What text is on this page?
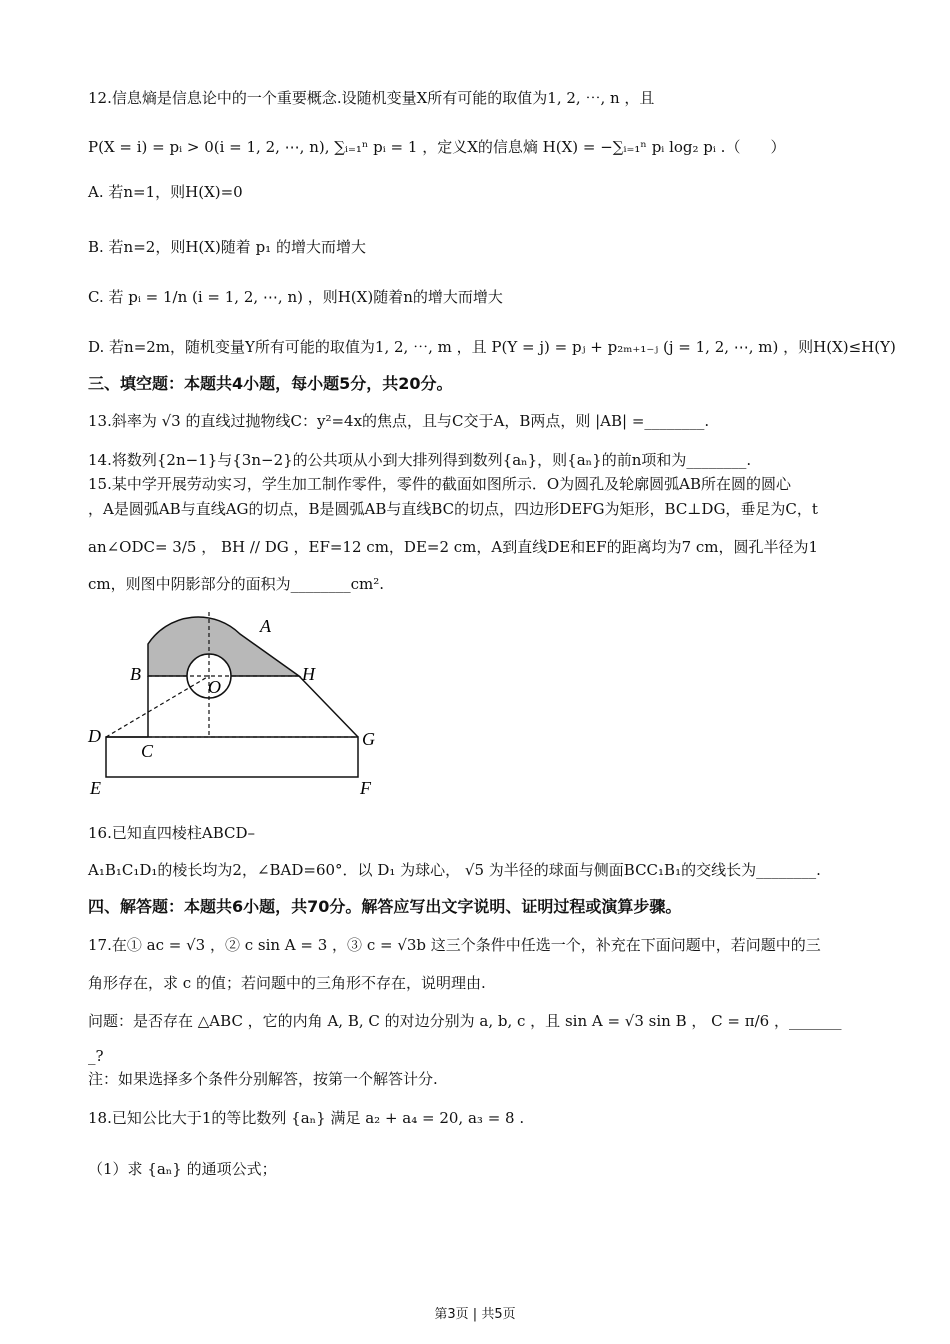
12.信息熵是信息论中的一个重要概念.设随机变量X所有可能的取值为1, 2, ⋯, n ，且
P(X = i) = pᵢ > 0(i = 1, 2, ⋯, n), ∑ᵢ₌₁ⁿ pᵢ = 1 ，定义X的信息熵 H(X) = −∑ᵢ₌₁ⁿ pᵢ log₂ pᵢ .（　　）
A. 若n=1，则H(X)=0
B. 若n=2，则H(X)随着 p₁ 的增大而增大
C. 若 pᵢ = 1/n (i = 1, 2, ⋯, n) ，则H(X)随着n的增大而增大
D. 若n=2m，随机变量Y所有可能的取值为1, 2, ⋯, m ，且 P(Y = j) = pⱼ + p₂ₘ₊₁₋ⱼ (j = 1, 2, ⋯, m) ，则H(X)≤H(Y)
三、填空题：本题共4小题，每小题5分，共20分。
13.斜率为 √3 的直线过抛物线C：y²=4x的焦点，且与C交于A，B两点，则 |AB| =________.
14.将数列{2n−1}与{3n−2}的公共项从小到大排列得到数列{aₙ}，则{aₙ}的前n项和为________.
15.某中学开展劳动实习，学生加工制作零件，零件的截面如图所示．O为圆孔及轮廓圆弧AB所在圆的圆心
，A是圆弧AB与直线AG的切点，B是圆弧AB与直线BC的切点，四边形DEFG为矩形，BC⊥DG，垂足为C，t
an∠ODC= 3/5 ， BH // DG ，EF=12 cm，DE=2 cm，A到直线DE和EF的距离均为7 cm，圆孔半径为1
cm，则图中阴影部分的面积为________cm².
A
B	H
O
D
C
G
E	F
16.已知直四棱柱ABCD–
A₁B₁C₁D₁的棱长均为2，∠BAD=60°．以 D₁ 为球心， √5 为半径的球面与侧面BCC₁B₁的交线长为________.
四、解答题：本题共6小题，共70分。解答应写出文字说明、证明过程或演算步骤。
17.在① ac = √3 ，② c sin A = 3 ，③ c = √3b 这三个条件中任选一个，补充在下面问题中，若问题中的三
角形存在，求 c 的值；若问题中的三角形不存在，说明理由.
问题：是否存在 △ABC ，它的内角 A, B, C 的对边分别为 a, b, c ，且 sin A = √3 sin B ， C = π/6 ，_______
_?
注：如果选择多个条件分别解答，按第一个解答计分.
18.已知公比大于1的等比数列 {aₙ} 满足 a₂ + a₄ = 20, a₃ = 8 .
（1）求 {aₙ} 的通项公式；
第3页 | 共5页
